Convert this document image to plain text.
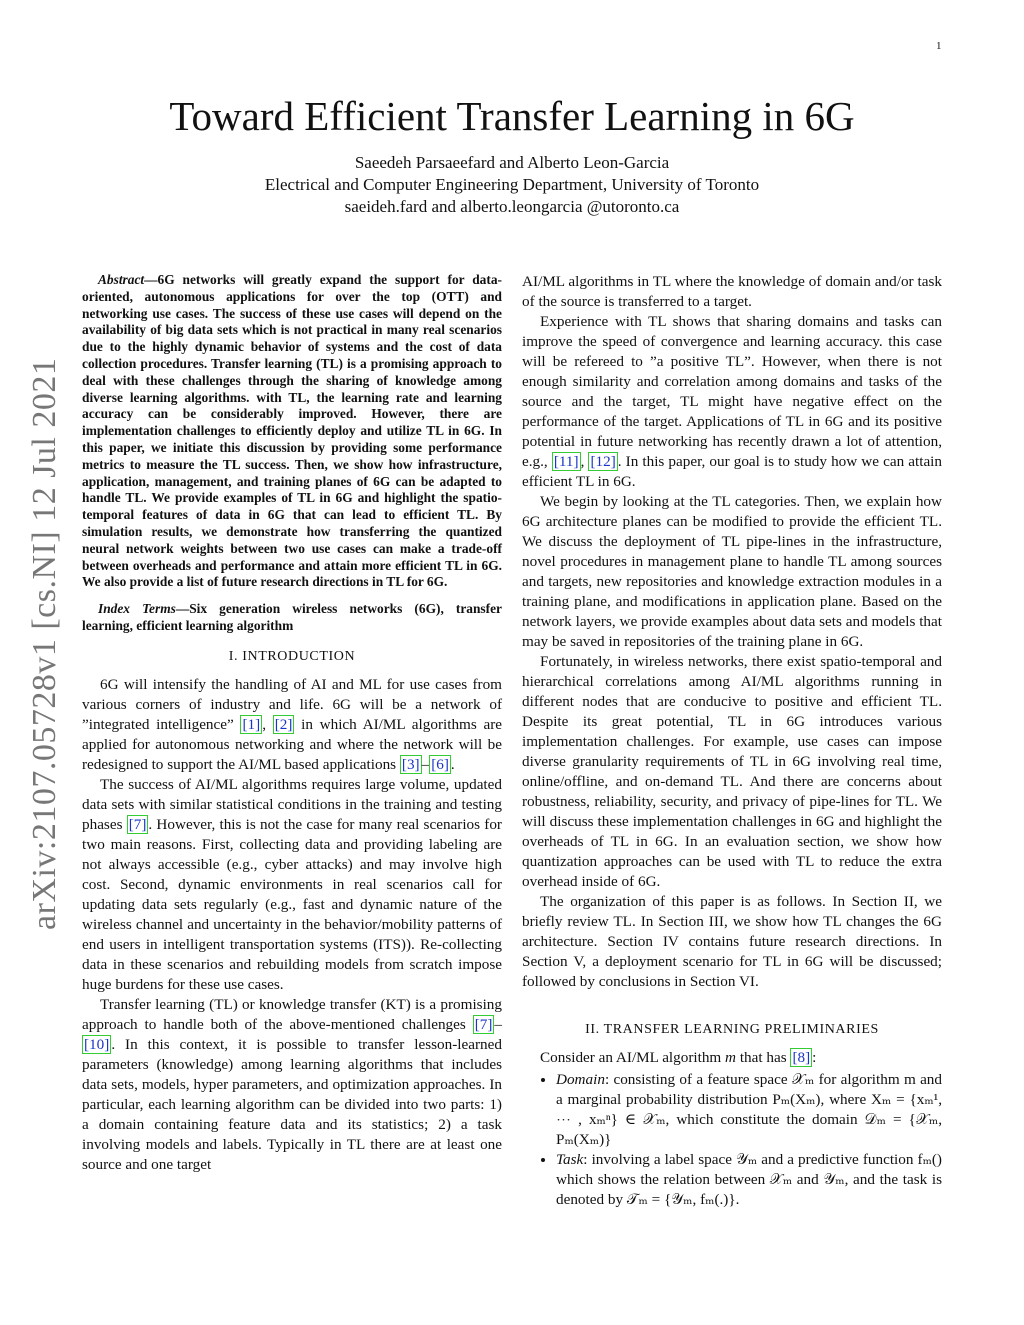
1
arXiv:2107.05728v1 [cs.NI] 12 Jul 2021
Toward Efficient Transfer Learning in 6G
Saeedeh Parsaeefard and Alberto Leon-Garcia
Electrical and Computer Engineering Department, University of Toronto
saeideh.fard and alberto.leongarcia @utoronto.ca

Abstract—6G networks will greatly expand the support for data-oriented, autonomous applications for over the top (OTT) and networking use cases. The success of these use cases will depend on the availability of big data sets which is not practical in many real scenarios due to the highly dynamic behavior of systems and the cost of data collection procedures. Transfer learning (TL) is a promising approach to deal with these challenges through the sharing of knowledge among diverse learning algorithms. with TL, the learning rate and learning accuracy can be considerably improved. However, there are implementation challenges to efficiently deploy and utilize TL in 6G. In this paper, we initiate this discussion by providing some performance metrics to measure the TL success. Then, we show how infrastructure, application, management, and training planes of 6G can be adapted to handle TL. We provide examples of TL in 6G and highlight the spatio-temporal features of data in 6G that can lead to efficient TL. By simulation results, we demonstrate how transferring the quantized neural network weights between two use cases can make a trade-off between overheads and performance and attain more efficient TL in 6G. We also provide a list of future research directions in TL for 6G.

Index Terms—Six generation wireless networks (6G), transfer learning, efficient learning algorithm

I. INTRODUCTION

6G will intensify the handling of AI and ML for use cases from various corners of industry and life. 6G will be a network of ”integrated intelligence” [1] , [2] in which AI/ML algorithms are applied for autonomous networking and where the network will be redesigned to support the AI/ML based applications [3] – [6] .

The success of AI/ML algorithms requires large volume, updated data sets with similar statistical conditions in the training and testing phases [7] . However, this is not the case for many real scenarios for two main reasons. First, collecting data and providing labeling are not always accessible (e.g., cyber attacks) and may involve high cost. Second, dynamic environments in real scenarios call for updating data sets regularly (e.g., fast and dynamic nature of the wireless channel and uncertainty in the behavior/mobility patterns of end users in intelligent transportation systems (ITS)). Re-collecting data in these scenarios and rebuilding models from scratch impose huge burdens for these use cases.

Transfer learning (TL) or knowledge transfer (KT) is a promising approach to handle both of the above-mentioned challenges [7] –[10] . In this context, it is possible to transfer lesson-learned parameters (knowledge) among learning algorithms that includes data sets, models, hyper parameters, and optimization approaches. In particular, each learning algorithm can be divided into two parts: 1) a domain containing feature data and its statistics; 2) a task involving models and labels. Typically in TL there are at least one source and one target

AI/ML algorithms in TL where the knowledge of domain and/or task of the source is transferred to a target.

Experience with TL shows that sharing domains and tasks can improve the speed of convergence and learning accuracy. this case will be refereed to ”a positive TL”. However, when there is not enough similarity and correlation among domains and tasks of the source and the target, TL might have negative effect on the performance of the target. Applications of TL in 6G and its positive potential in future networking has recently drawn a lot of attention, e.g., [11] , [12] . In this paper, our goal is to study how we can attain efficient TL in 6G.

We begin by looking at the TL categories. Then, we explain how 6G architecture planes can be modified to provide the efficient TL. We discuss the deployment of TL pipe-lines in the infrastructure, novel procedures in management plane to handle TL among sources and targets, new repositories and knowledge extraction modules in a training plane, and modifications in application plane. Based on the network layers, we provide examples about data sets and models that may be saved in repositories of the training plane in 6G.

Fortunately, in wireless networks, there exist spatio-temporal and hierarchical correlations among AI/ML algorithms running in different nodes that are conducive to positive and efficient TL. Despite its great potential, TL in 6G introduces various implementation challenges. For example, use cases can impose diverse granularity requirements of TL in 6G involving real time, online/offline, and on-demand TL. And there are concerns about robustness, reliability, security, and privacy of pipe-lines for TL. We will discuss these implementation challenges in 6G and highlight the overheads of TL in 6G. In an evaluation section, we show how quantization approaches can be used with TL to reduce the extra overhead inside of 6G.

The organization of this paper is as follows. In Section II, we briefly review TL. In Section III, we show how TL changes the 6G architecture. Section IV contains future research directions. In Section V, a deployment scenario for TL in 6G will be discussed; followed by conclusions in Section VI.

II. TRANSFER LEARNING PRELIMINARIES

Consider an AI/ML algorithm m that has [8] :

• Domain: consisting of a feature space 𝒳ₘ for algorithm m and a marginal probability distribution Pₘ(Xₘ), where Xₘ = {xₘ¹, ⋯ , xₘⁿ} ∈ 𝒳ₘ, which constitute the domain 𝒟ₘ = {𝒳ₘ, Pₘ(Xₘ)}
• Task: involving a label space 𝒴ₘ and a predictive function fₘ() which shows the relation between 𝒳ₘ and 𝒴ₘ, and the task is denoted by 𝒯ₘ = {𝒴ₘ, fₘ(.)}.
